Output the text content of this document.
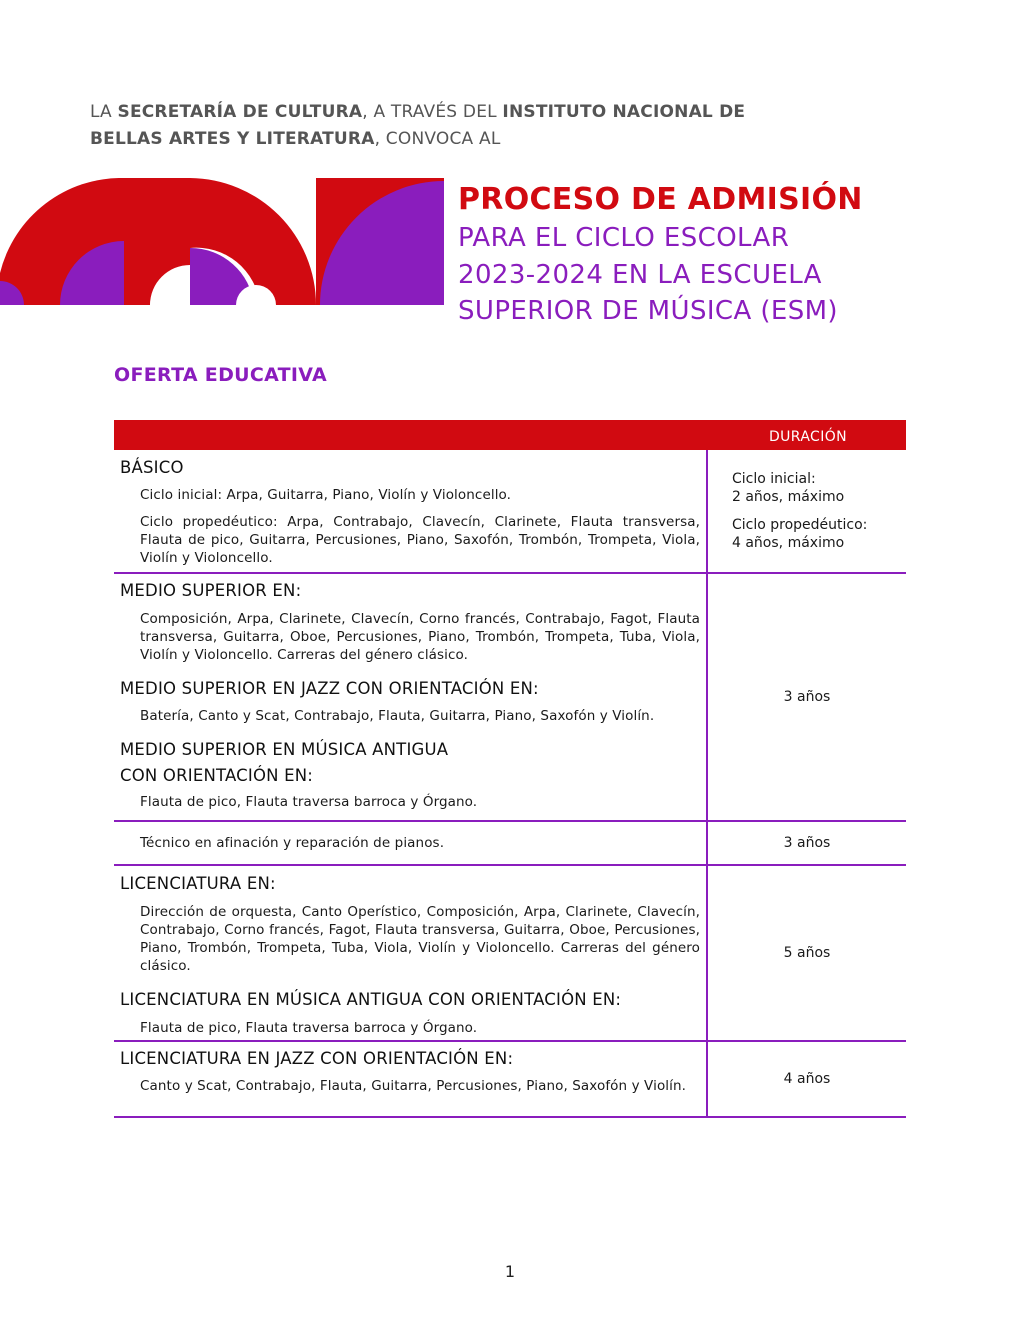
LA SECRETARÍA DE CULTURA, A TRAVÉS DEL INSTITUTO NACIONAL DE BELLAS ARTES Y LITERATURA, CONVOCA AL
PROCESO DE ADMISIÓN
PARA EL CICLO ESCOLAR
2023-2024 EN LA ESCUELA
SUPERIOR DE MÚSICA (ESM)
OFERTA EDUCATIVA
DURACIÓN
BÁSICO
Ciclo inicial: Arpa, Guitarra, Piano, Violín y Violoncello.
Ciclo propedéutico: Arpa, Contrabajo, Clavecín, Clarinete, Flauta transversa, Flauta de pico, Guitarra, Percusiones, Piano, Saxofón, Trombón, Trompeta, Viola, Violín y Violoncello.
Ciclo inicial:
2 años, máximo
Ciclo propedéutico:
4 años, máximo
MEDIO SUPERIOR EN:
Composición, Arpa, Clarinete, Clavecín, Corno francés, Contrabajo, Fagot, Flauta transversa, Guitarra, Oboe, Percusiones, Piano, Trombón, Trompeta, Tuba, Viola, Violín y Violoncello. Carreras del género clásico.
MEDIO SUPERIOR EN JAZZ CON ORIENTACIÓN EN:
Batería, Canto y Scat, Contrabajo, Flauta, Guitarra, Piano, Saxofón y Violín.
MEDIO SUPERIOR EN MÚSICA ANTIGUA
CON ORIENTACIÓN EN:
Flauta de pico, Flauta traversa barroca y Órgano.
3 años
Técnico en afinación y reparación de pianos.	3 años
LICENCIATURA EN:
Dirección de orquesta, Canto Operístico, Composición, Arpa, Clarinete, Clavecín, Contrabajo, Corno francés, Fagot, Flauta transversa, Guitarra, Oboe, Percusiones, Piano, Trombón, Trompeta, Tuba, Viola, Violín y Violoncello. Carreras del género clásico.
LICENCIATURA EN MÚSICA ANTIGUA CON ORIENTACIÓN EN:
Flauta de pico, Flauta traversa barroca y Órgano.
5 años
LICENCIATURA EN JAZZ CON ORIENTACIÓN EN:
Canto y Scat, Contrabajo, Flauta, Guitarra, Percusiones, Piano, Saxofón y Violín.	4 años
1
